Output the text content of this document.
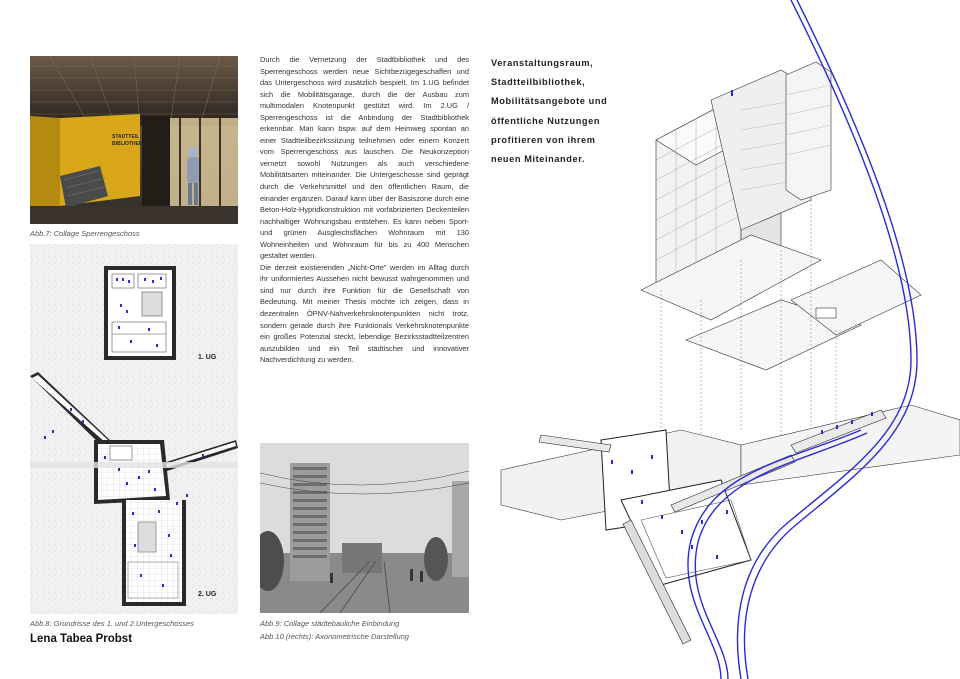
STADTTEIL
BIBLIOTHEK
Abb.7: Collage Sperrengeschoss
1. UG
2. UG
Abb.8: Grundrisse des 1. und 2.Untergeschosses
Lena Tabea Probst

Durch die Vernetzung der Stadtbibliothek und des Sperrengeschoss werden neue Sichtbezügegeschaffen und das Untergeschoss wird zusätzlich bespielt. Im 1.UG befindet sich die Mobilitätsgarage, durch die der Ausbau zum multimodalen Knotenpunkt gestützt wird. Im 2.UG / Sperrengeschoss ist die Anbindung der Stadtbibliothek erkennbar. Man kann bspw. auf dem Heimweg spontan an einer Stadtteilbezirkssitzung teilnehmen oder einem Konzert vom Sperrengeschoss aus lauschen. Die Neukonzeption vernetzt sowohl Nutzungen als auch verschiedene Mobilitätsarten miteinander. Die Untergeschosse sind geprägt durch die Verkehrsmittel und den öffentlichen Raum, die einander ergänzen. Darauf kann über der Basiszone durch eine Beton-Holz-Hypridkonstruktion mit vorfabrizierten Deckenteilen nachhaltiger Wohnungsbau entstehen. Es kann neben Sport- und grünen Ausgleichsflächen Wohnraum mit 130 Wohneinheiten und Wohnraum für bis zu 400 Menschen gestaltet werden.

Die derzeit existierenden „Nicht-Orte" werden im Alltag durch ihr uniformiertes Aussehen nicht bewusst wahrgenommen und sind nur durch ihre Funktion für die Gesellschaft von Bedeutung. Mit meiner Thesis möchte ich zeigen, dass in dezentralen ÖPNV-Nahverkehrsknotenpunkten nicht trotz, sondern gerade durch ihre Funktionals Verkehrsknotenpunkte ein großes Potenzial steckt, lebendige Bezirksstadtteilzentren auszubilden und ein Teil städtischer und innovativer Nachverdichtung zu werden.

Abb.9: Collage städtebauliche Einbindung
Abb.10 (rechts): Axonometrische Darstellung
Veranstaltungsraum,
Stadtteilbibliothek,
Mobilitätsangebote und
öffentliche Nutzungen
profitieren von ihrem
neuen Miteinander.
